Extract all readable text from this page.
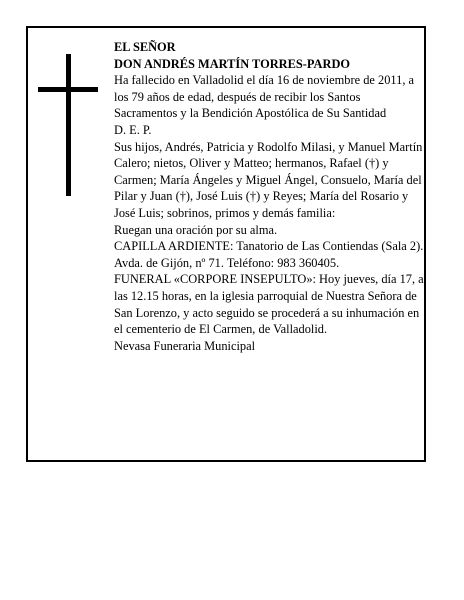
EL SEÑOR

DON ANDRÉS MARTÍN TORRES-PARDO

Ha fallecido en Valladolid el día 16 de noviembre de 2011, a los 79 años de edad, después de recibir los Santos Sacramentos y la Bendición Apostólica de Su Santidad

D. E. P.

Sus hijos, Andrés, Patricia y Rodolfo Milasi, y Manuel Martín Calero; nietos, Oliver y Matteo; hermanos, Rafael (†) y Carmen; María Ángeles y Miguel Ángel, Consuelo, María del Pilar y Juan (†), José Luis (†) y Reyes; María del Rosario y José Luis; sobrinos, primos y demás familia:

Ruegan una oración por su alma.

CAPILLA ARDIENTE: Tanatorio de Las Contiendas (Sala 2). Avda. de Gijón, nº 71. Teléfono: 983 360405.

FUNERAL «CORPORE INSEPULTO»: Hoy jueves, día 17, a las 12.15 horas, en la iglesia parroquial de Nuestra Señora de San Lorenzo, y acto seguido se procederá a su inhumación en el cementerio de El Carmen, de Valladolid.

Nevasa Funeraria Municipal
